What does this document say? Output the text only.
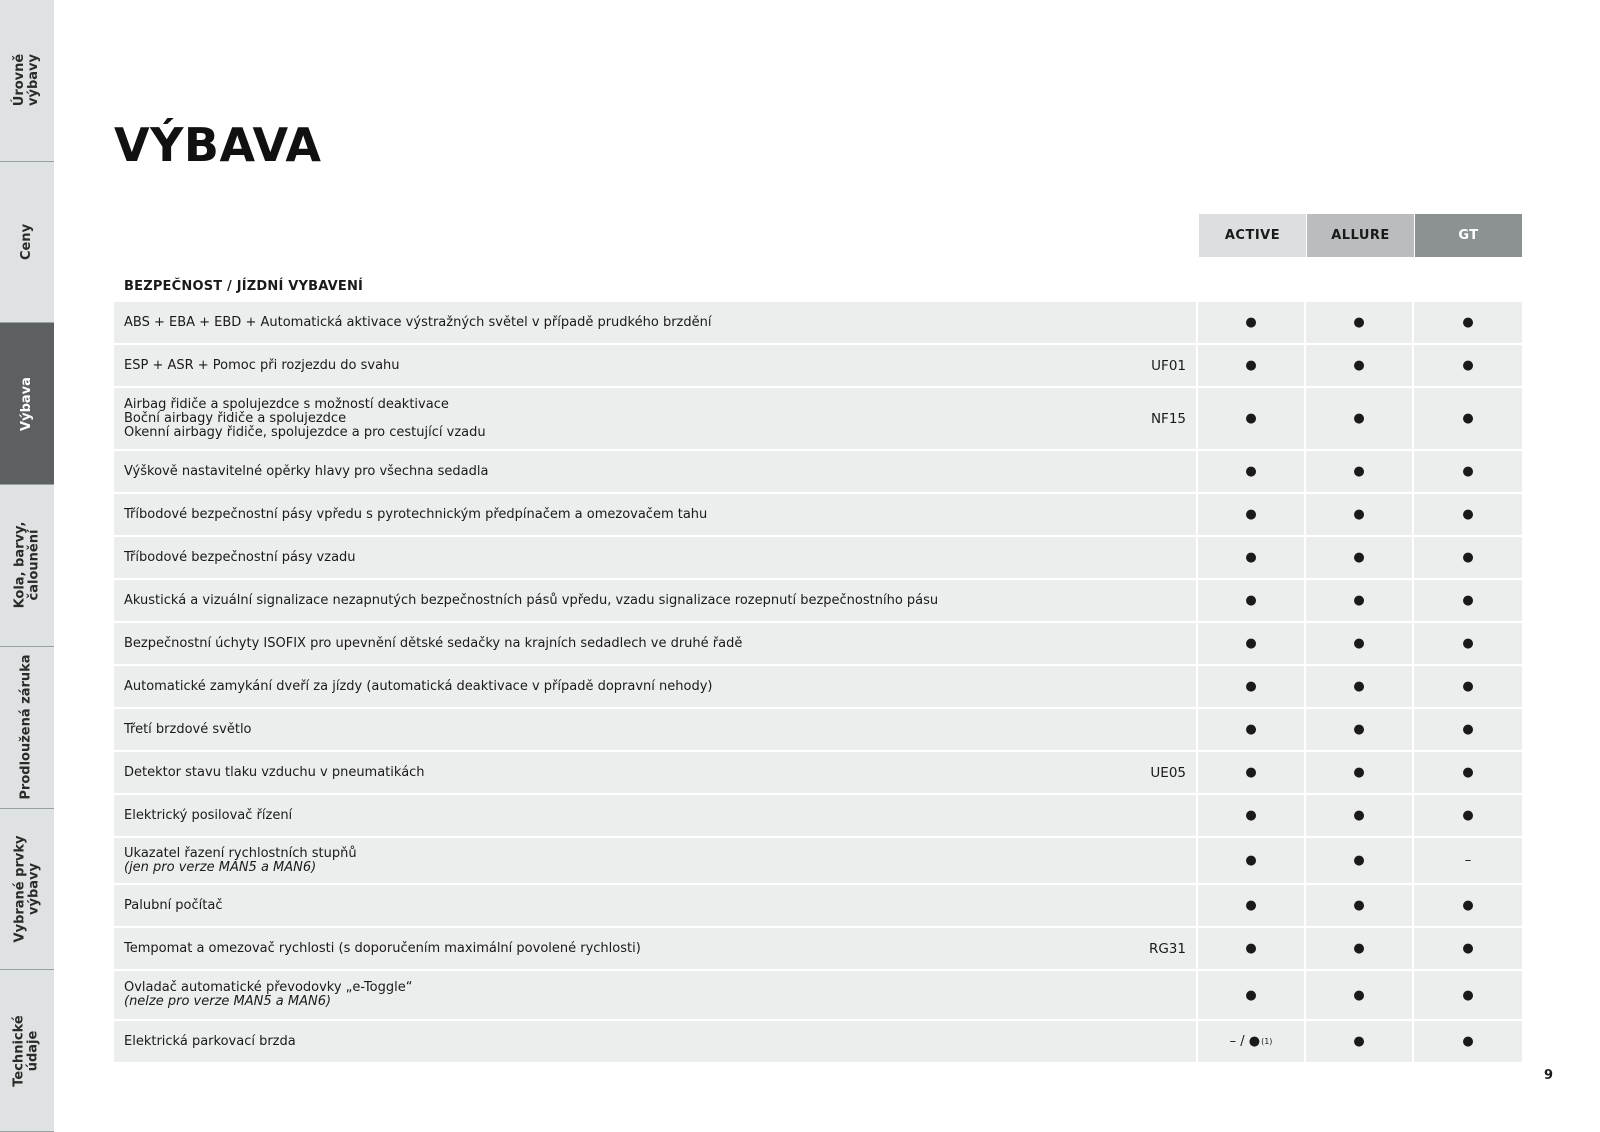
Úrovně
výbavy
Ceny
Výbava
Kola, barvy,
čalounění
Prodloužená záruka
Vybrané prvky
výbavy
Technické
údaje
VÝBAVA
ACTIVE	ALLURE	GT
BEZPEČNOST / JÍZDNÍ VYBAVENÍ
ABS + EBA + EBD + Automatická aktivace výstražných světel v případě prudkého brzdění	●	●	●
ESP + ASR + Pomoc při rozjezdu do svahu	UF01	●	●	●
Airbag řidiče a spolujezdce s možností deaktivace
Boční airbagy řidiče a spolujezdce
Okenní airbagy řidiče, spolujezdce a pro cestující vzadu
NF15	●	●	●
Výškově nastavitelné opěrky hlavy pro všechna sedadla	●	●	●
Tříbodové bezpečnostní pásy vpředu s pyrotechnickým předpínačem a omezovačem tahu	●	●	●
Tříbodové bezpečnostní pásy vzadu	●	●	●
Akustická a vizuální signalizace nezapnutých bezpečnostních pásů vpředu, vzadu signalizace rozepnutí bezpečnostního pásu	●	●	●
Bezpečnostní úchyty ISOFIX pro upevnění dětské sedačky na krajních sedadlech ve druhé řadě	●	●	●
Automatické zamykání dveří za jízdy (automatická deaktivace v případě dopravní nehody)	●	●	●
Třetí brzdové světlo	●	●	●
Detektor stavu tlaku vzduchu v pneumatikách	UE05	●	●	●
Elektrický posilovač řízení	●	●	●
Ukazatel řazení rychlostních stupňů
(jen pro verze MAN5 a MAN6)	●	●	–
Palubní počítač	●	●	●
Tempomat a omezovač rychlosti (s doporučením maximální povolené rychlosti)	RG31	●	●	●
Ovladač automatické převodovky „e-Toggle“
(nelze pro verze MAN5 a MAN6)	●	●	●
Elektrická parkovací brzda	– / ● (1)	●	●
9
